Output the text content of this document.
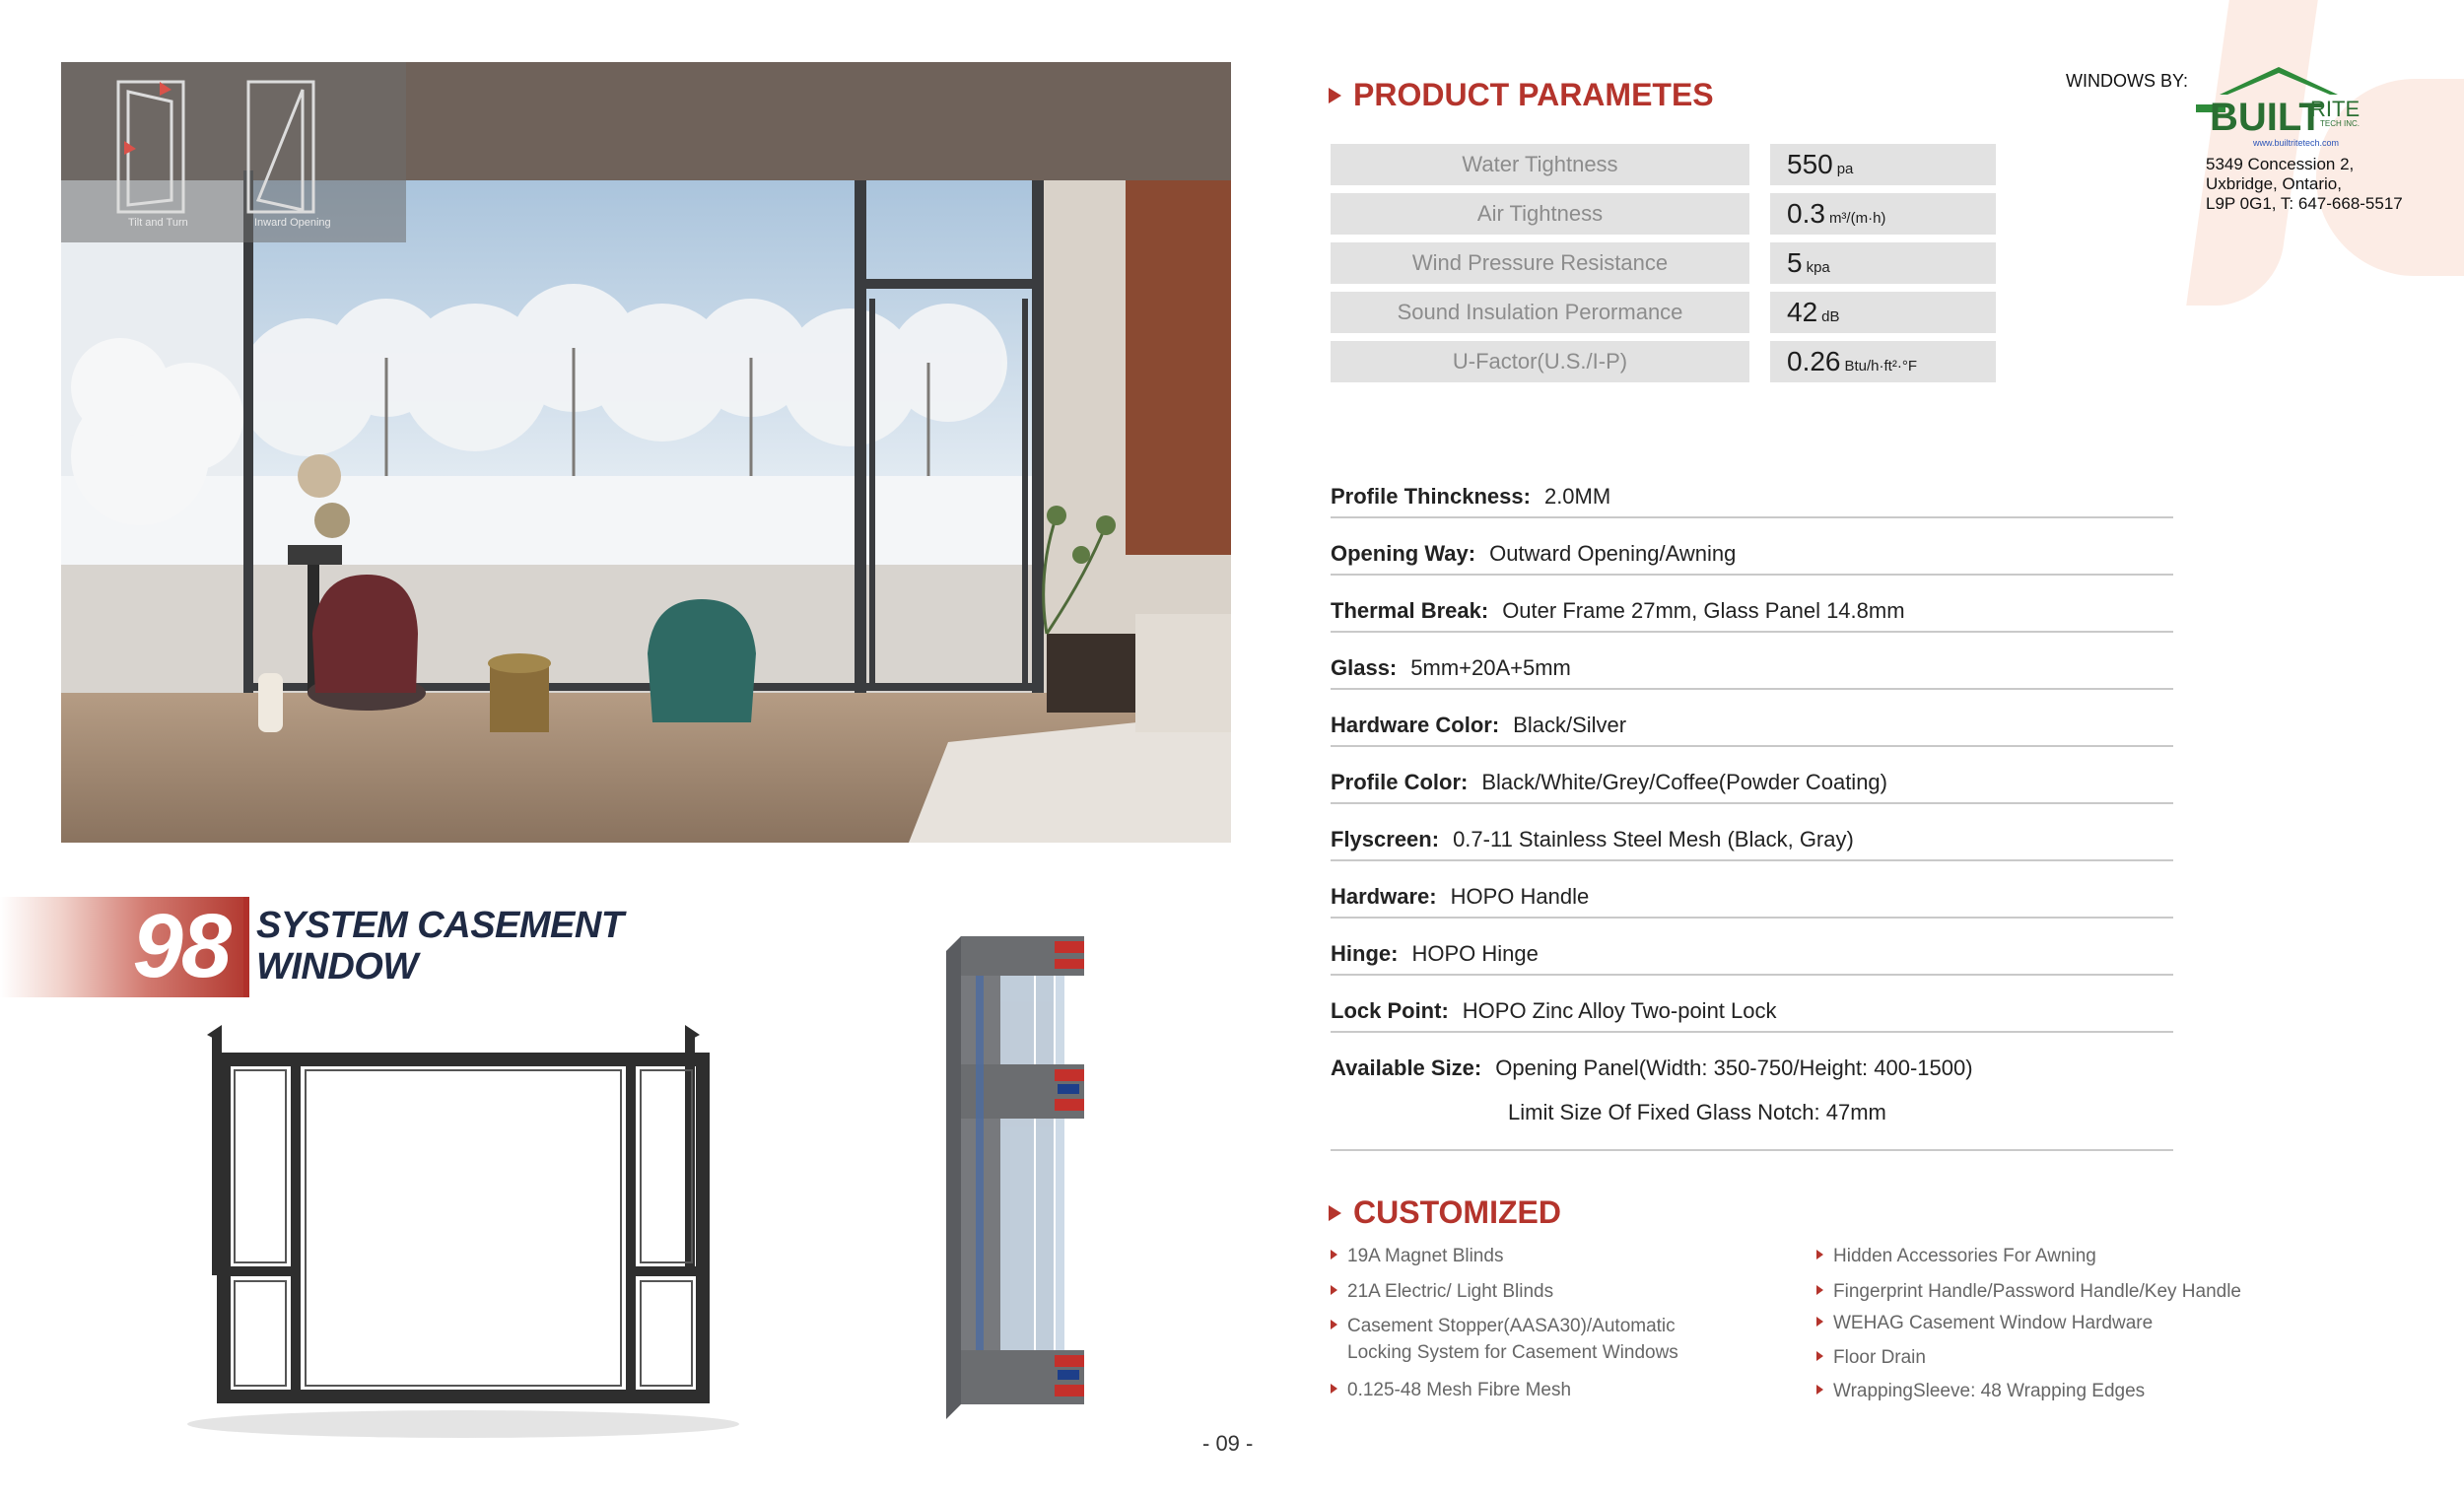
Tilt and Turn	Inward Opening
98 SYSTEM CASEMENT
WINDOW
PRODUCT PARAMETES
Water Tightness	550 pa
Air Tightness	0.3 m³/(m·h)
Wind Pressure Resistance	5 kpa
Sound Insulation Perormance	42 dB
U-Factor(U.S./I-P)	0.26 Btu/h·ft²·°F
Profile Thinckness: 2.0MM
Opening Way: Outward Opening/Awning
Thermal Break: Outer Frame 27mm, Glass Panel 14.8mm
Glass: 5mm+20A+5mm
Hardware Color: Black/Silver
Profile Color: Black/White/Grey/Coffee(Powder Coating)
Flyscreen: 0.7-11 Stainless Steel Mesh (Black, Gray)
Hardware: HOPO Handle
Hinge: HOPO Hinge
Lock Point: HOPO Zinc Alloy Two-point Lock
Available Size: Opening Panel(Width: 350-750/Height: 400-1500)
Limit Size Of Fixed Glass Notch: 47mm
CUSTOMIZED
19A Magnet Blinds
21A Electric/ Light Blinds
Casement Stopper(AASA30)/Automatic
Locking System for Casement Windows
0.125-48 Mesh Fibre Mesh
Hidden Accessories For Awning
Fingerprint Handle/Password Handle/Key Handle
WEHAG Casement Window Hardware
Floor Drain
WrappingSleeve: 48 Wrapping Edges
WINDOWS BY:
BUILT
RITE
TECH INC.
www.builtritetech.com
5349 Concession 2,
Uxbridge, Ontario,
L9P 0G1, T: 647-668-5517
- 09 -
